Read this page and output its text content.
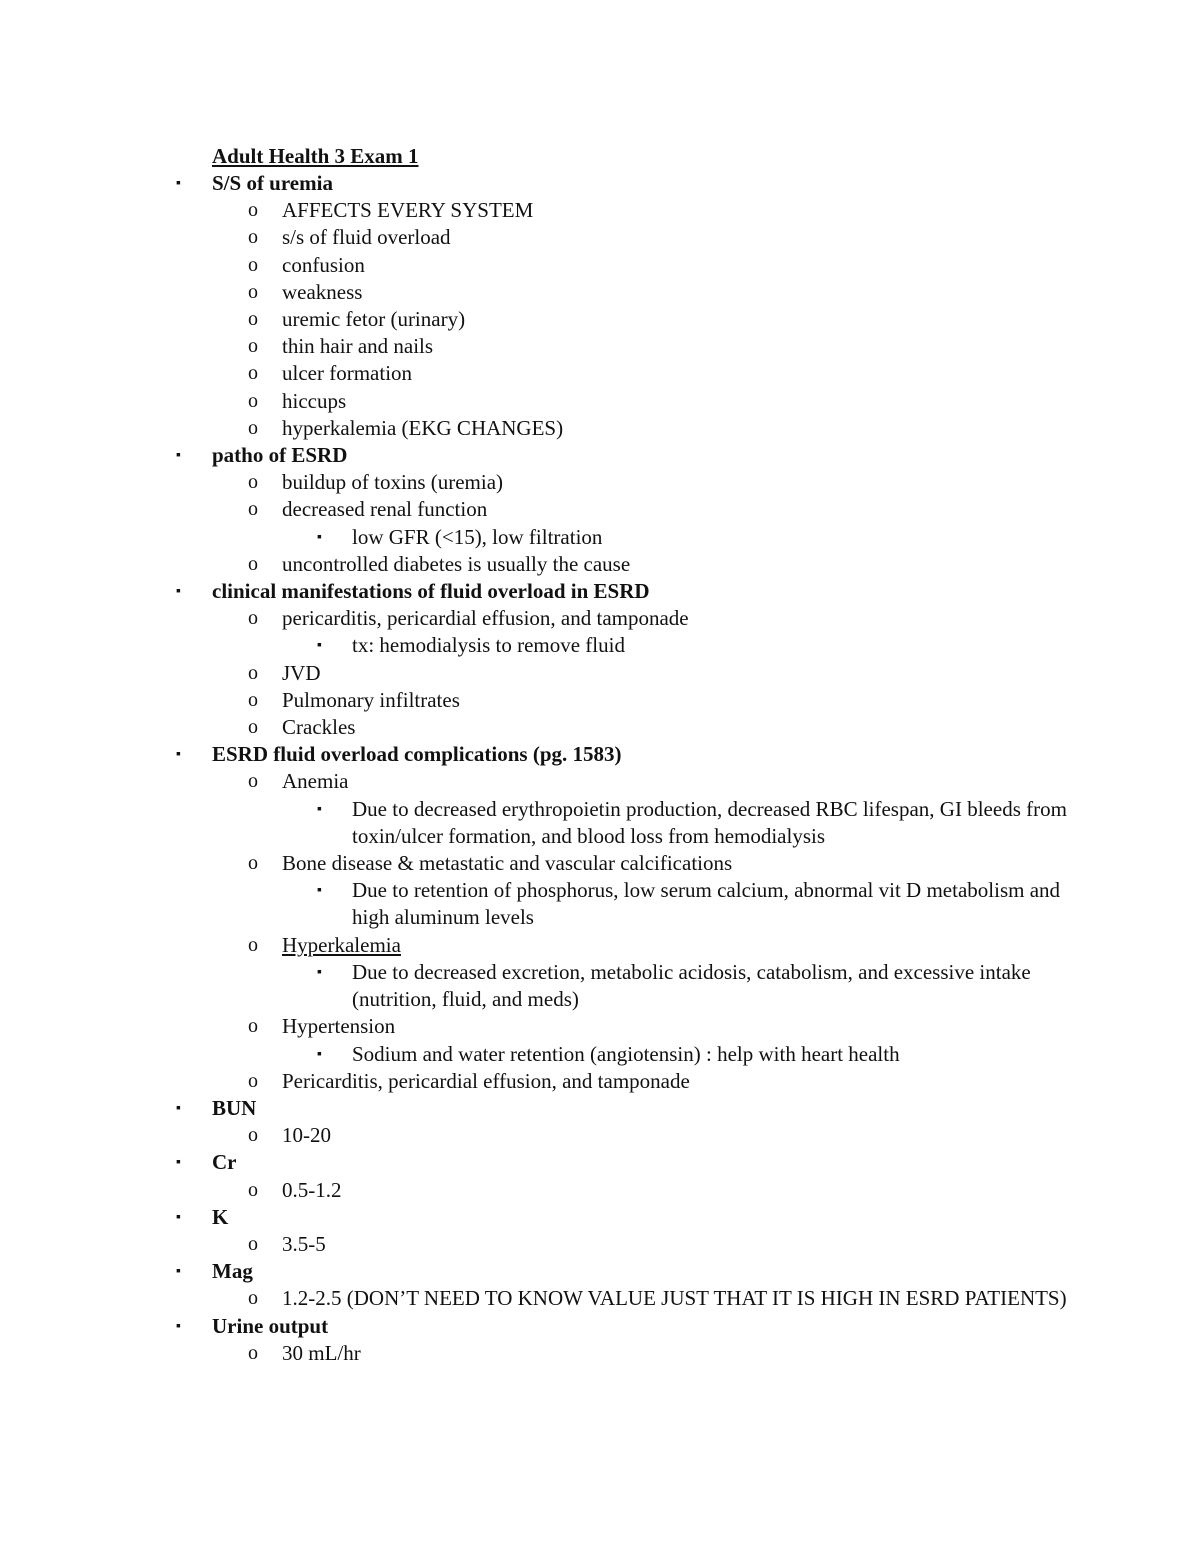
Adult Health 3 Exam 1
▪ S/S of uremia
o AFFECTS EVERY SYSTEM
o s/s of fluid overload
o confusion
o weakness
o uremic fetor (urinary)
o thin hair and nails
o ulcer formation
o hiccups
o hyperkalemia (EKG CHANGES)
▪ patho of ESRD
o buildup of toxins (uremia)
o decreased renal function
▪ low GFR (<15), low filtration
o uncontrolled diabetes is usually the cause
▪ clinical manifestations of fluid overload in ESRD
o pericarditis, pericardial effusion, and tamponade
▪ tx: hemodialysis to remove fluid
o JVD
o Pulmonary infiltrates
o Crackles
▪ ESRD fluid overload complications (pg. 1583)
o Anemia
▪ Due to decreased erythropoietin production, decreased RBC lifespan, GI bleeds from toxin/ulcer formation, and blood loss from hemodialysis
o Bone disease & metastatic and vascular calcifications
▪ Due to retention of phosphorus, low serum calcium, abnormal vit D metabolism and high aluminum levels
o Hyperkalemia
▪ Due to decreased excretion, metabolic acidosis, catabolism, and excessive intake (nutrition, fluid, and meds)
o Hypertension
▪ Sodium and water retention (angiotensin) : help with heart health
o Pericarditis, pericardial effusion, and tamponade
▪ BUN
o 10-20
▪ Cr
o 0.5-1.2
▪ K
o 3.5-5
▪ Mag
o 1.2-2.5 (DON’T NEED TO KNOW VALUE JUST THAT IT IS HIGH IN ESRD PATIENTS)
▪ Urine output
o 30 mL/hr
